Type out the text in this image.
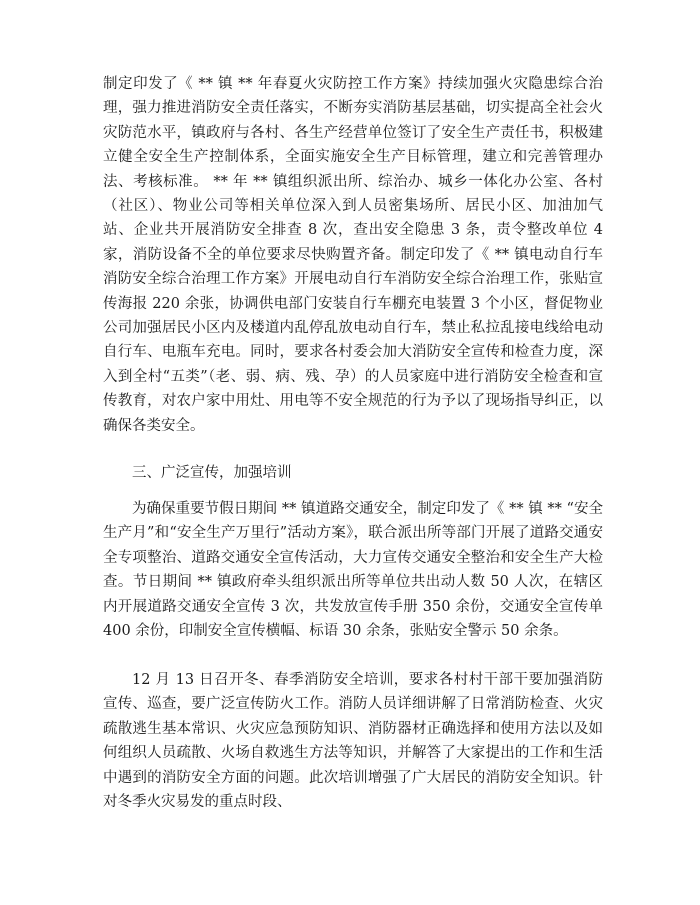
制定印发了《 ** 镇 ** 年春夏火灾防控工作方案》持续加强火灾隐患综合治理，强力推进消防安全责任落实，不断夯实消防基层基础，切实提高全社会火灾防范水平，镇政府与各村、各生产经营单位签订了安全生产责任书，积极建立健全安全生产控制体系，全面实施安全生产目标管理，建立和完善管理办法、考核标准。 ** 年 ** 镇组织派出所、综治办、城乡一体化办公室、各村（社区）、物业公司等相关单位深入到人员密集场所、居民小区、加油加气站、企业共开展消防安全排查 8 次，查出安全隐患 3 条，责令整改单位 4 家，消防设备不全的单位要求尽快购置齐备。制定印发了《 ** 镇电动自行车消防安全综合治理工作方案》开展电动自行车消防安全综合治理工作，张贴宣传海报 220 余张，协调供电部门安装自行车棚充电装置 3 个小区，督促物业公司加强居民小区内及楼道内乱停乱放电动自行车，禁止私拉乱接电线给电动自行车、电瓶车充电。同时，要求各村委会加大消防安全宣传和检查力度，深入到全村“五类”（老、弱、病、残、孕）的人员家庭中进行消防安全检查和宣传教育，对农户家中用灶、用电等不安全规范的行为予以了现场指导纠正，以确保各类安全。

三、广泛宣传，加强培训

为确保重要节假日期间 ** 镇道路交通安全，制定印发了《 ** 镇 ** “安全生产月”和“安全生产万里行”活动方案》，联合派出所等部门开展了道路交通安全专项整治、道路交通安全宣传活动，大力宣传交通安全整治和安全生产大检查。节日期间 ** 镇政府牵头组织派出所等单位共出动人数 50 人次，在辖区内开展道路交通安全宣传 3 次，共发放宣传手册 350 余份，交通安全宣传单 400 余份，印制安全宣传横幅、标语 30 余条，张贴安全警示 50 余条。

12 月 13 日召开冬、春季消防安全培训，要求各村村干部干要加强消防宣传、巡查，要广泛宣传防火工作。消防人员详细讲解了日常消防检查、火灾疏散逃生基本常识、火灾应急预防知识、消防器材正确选择和使用方法以及如何组织人员疏散、火场自救逃生方法等知识，并解答了大家提出的工作和生活中遇到的消防安全方面的问题。此次培训增强了广大居民的消防安全知识。针对冬季火灾易发的重点时段、
